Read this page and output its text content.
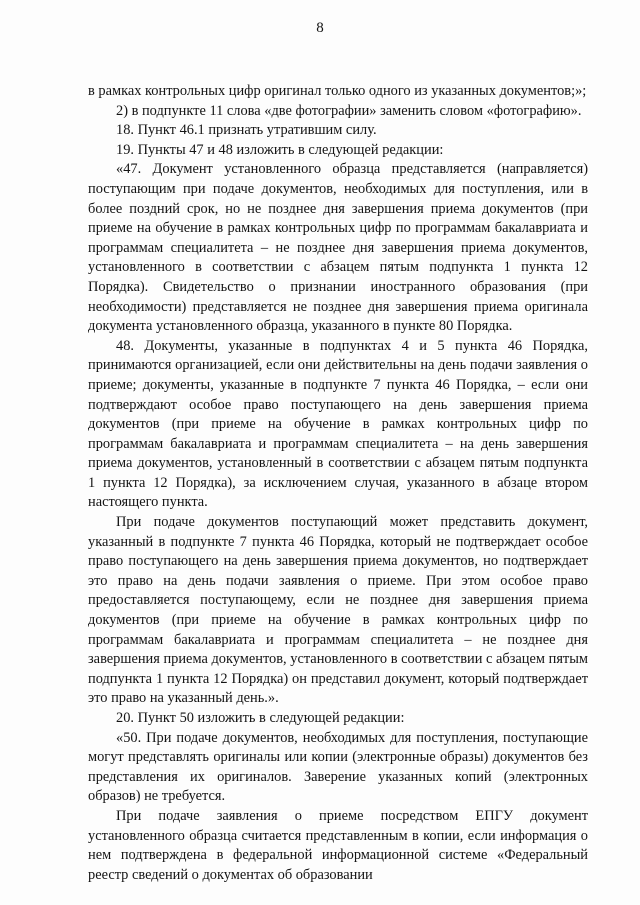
8

в рамках контрольных цифр оригинал только одного из указанных документов;»;

2) в подпункте 11 слова «две фотографии» заменить словом «фотографию».

18. Пункт 46.1 признать утратившим силу.

19. Пункты 47 и 48 изложить в следующей редакции:

«47. Документ установленного образца представляется (направляется) поступающим при подаче документов, необходимых для поступления, или в более поздний срок, но не позднее дня завершения приема документов (при приеме на обучение в рамках контрольных цифр по программам бакалавриата и программам специалитета – не позднее дня завершения приема документов, установленного в соответствии с абзацем пятым подпункта 1 пункта 12 Порядка). Свидетельство о признании иностранного образования (при необходимости) представляется не позднее дня завершения приема оригинала документа установленного образца, указанного в пункте 80 Порядка.

48. Документы, указанные в подпунктах 4 и 5 пункта 46 Порядка, принимаются организацией, если они действительны на день подачи заявления о приеме; документы, указанные в подпункте 7 пункта 46 Порядка, – если они подтверждают особое право поступающего на день завершения приема документов (при приеме на обучение в рамках контрольных цифр по программам бакалавриата и программам специалитета – на день завершения приема документов, установленный в соответствии с абзацем пятым подпункта 1 пункта 12 Порядка), за исключением случая, указанного в абзаце втором настоящего пункта.

При подаче документов поступающий может представить документ, указанный в подпункте 7 пункта 46 Порядка, который не подтверждает особое право поступающего на день завершения приема документов, но подтверждает это право на день подачи заявления о приеме. При этом особое право предоставляется поступающему, если не позднее дня завершения приема документов (при приеме на обучение в рамках контрольных цифр по программам бакалавриата и программам специалитета – не позднее дня завершения приема документов, установленного в соответствии с абзацем пятым подпункта 1 пункта 12 Порядка) он представил документ, который подтверждает это право на указанный день.».

20. Пункт 50 изложить в следующей редакции:

«50. При подаче документов, необходимых для поступления, поступающие могут представлять оригиналы или копии (электронные образы) документов без представления их оригиналов. Заверение указанных копий (электронных образов) не требуется.

При подаче заявления о приеме посредством ЕПГУ документ установленного образца считается представленным в копии, если информация о нем подтверждена в федеральной информационной системе «Федеральный реестр сведений о документах об образовании
